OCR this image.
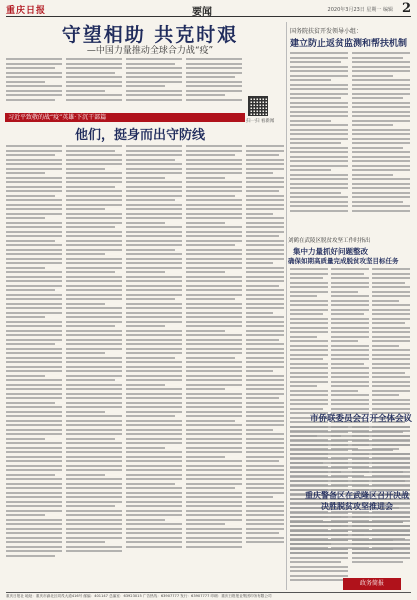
重庆日报	要闻	2020年3月23日 星期一 编辑 2
守望相助 共克时艰
—中国力量推动全球合力战“疫”
扫一扫 看新闻
习近平致敬的战“疫”英雄·下沉干部篇
他们，挺身而出守防线
国务院扶贫开发领导小组：
建立防止返贫监测和帮扶机制
刘鹤在武陵区脱贫攻坚工作时指出
集中力量抓好问题整改
确保如期高质量完成脱贫攻坚目标任务
市侨联委员会召开全体会议
重庆警备区在武隆区召开决战决胜脱贫攻坚推进会
政务简报
重庆日报社 地址：重庆市渝北区同茂大道416号 邮编：401147 总编室：63923015 广告热线：63907777 发行：63907777 印刷：重庆日报报业集团印务有限公司
